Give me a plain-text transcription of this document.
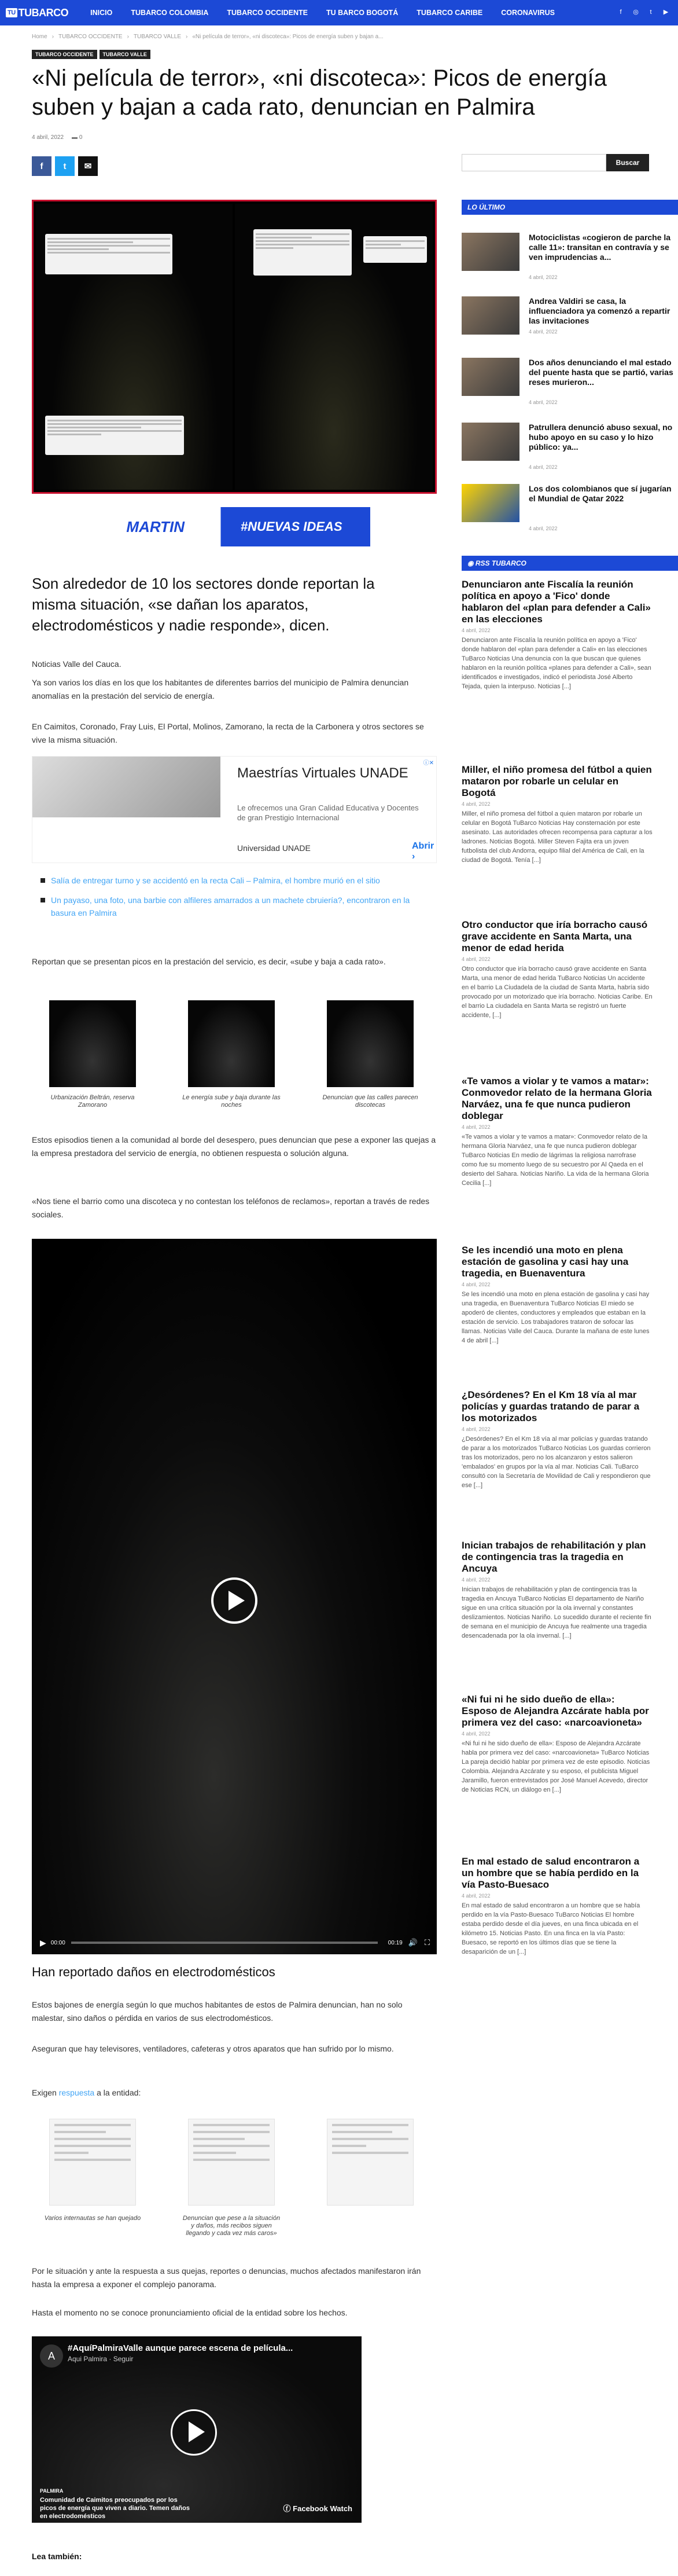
TU TUBARCO	INICIO	TUBARCO COLOMBIA	TUBARCO OCCIDENTE	TU BARCO BOGOTÁ	TUBARCO CARIBE	CORONAVIRUS	f	◎	t	▶
Home › TUBARCO OCCIDENTE › TUBARCO VALLE › «Ni película de terror», «ni discoteca»: Picos de energía suben y bajan a...
TUBARCO OCCIDENTE	TUBARCO VALLE
«Ni película de terror», «ni discoteca»: Picos de energía suben y bajan a cada rato, denuncian en Palmira
4 abril, 2022 ▬ 0
f	t	✉	Buscar
MARTIN	#NUEVAS IDEAS

Son alrededor de 10 los sectores donde reportan la misma situación, «se dañan los aparatos, electrodomésticos y nadie responde», dicen.

Noticias Valle del Cauca.

Ya son varios los días en los que los habitantes de diferentes barrios del municipio de Palmira denuncian anomalías en la prestación del servicio de energía.

En Caimitos, Coronado, Fray Luis, El Portal, Molinos, Zamorano, la recta de la Carbonera y otros sectores se vive la misma situación.

Maestrías Virtuales UNADE
Le ofrecemos una Gran Calidad Educativa y Docentes de gran Prestigio Internacional
Universidad UNADE	Abrir ›
ⓘ✕
Salía de entregar turno y se accidentó en la recta Cali – Palmira, el hombre murió en el sitio
Un payaso, una foto, una barbie con alfileres amarrados a un machete cbruiería?, encontraron en la basura en Palmira

Reportan que se presentan picos en la prestación del servicio, es decir, «sube y baja a cada rato».

Urbanización Beltrán, reserva Zamorano
Le energía sube y baja durante las noches
Denuncian que las calles parecen discotecas

Estos episodios tienen a la comunidad al borde del desespero, pues denuncian que pese a exponer las quejas a la empresa prestadora del servicio de energía, no obtienen respuesta o solución alguna.

«Nos tiene el barrio como una discoteca y no contestan los teléfonos de reclamos», reportan a través de redes sociales.

▶ 00:00	00:19 🔊 ⛶
Han reportado daños en electrodomésticos

Estos bajones de energía según lo que muchos habitantes de estos de Palmira denuncian, han no solo malestar, sino daños o pérdida en varios de sus electrodomésticos.

Aseguran que hay televisores, ventiladores, cafeteras y otros aparatos que han sufrido por lo mismo.

Exigen respuesta a la entidad:

Varios internautas se han quejado	Denuncian que pese a la situación y daños, más recibos siguen llegando y cada vez más caros»

Por le situación y ante la respuesta a sus quejas, reportes o denuncias, muchos afectados manifestaron irán hasta la empresa a exponer el complejo panorama.

Hasta el momento no se conoce pronunciamiento oficial de la entidad sobre los hechos.

A
#AquíPalmiraValle aunque parece escena de película...
Aqui Palmira · Seguir
PALMIRA
Comunidad de Caimitos preocupados por los picos de energía que viven a diario. Temen daños en electrodomésticos
ⓕ Facebook Watch
Lea también:
LO ÚLTIMO
Motociclistas «cogieron de parche la calle 11»: transitan en contravía y se ven imprudencias a...
4 abril, 2022
Andrea Valdiri se casa, la influenciadora ya comenzó a repartir las invitaciones
4 abril, 2022
Dos años denunciando el mal estado del puente hasta que se partió, varias reses murieron...
4 abril, 2022
Patrullera denunció abuso sexual, no hubo apoyo en su caso y lo hizo público: ya...
4 abril, 2022
Los dos colombianos que sí jugarían el Mundial de Qatar 2022
4 abril, 2022
◉ RSS TUBARCO
Denunciaron ante Fiscalía la reunión política en apoyo a 'Fico' donde hablaron del «plan para defender a Cali» en las elecciones
4 abril, 2022
Denunciaron ante Fiscalía la reunión política en apoyo a 'Fico' donde hablaron del «plan para defender a Cali» en las elecciones TuBarco Noticias Una denuncia con la que buscan que quienes hablaron en la reunión política «planes para defender a Cali», sean identificados e investigados, indicó el periodista José Alberto Tejada, quien la interpuso. Noticias [...]
Miller, el niño promesa del fútbol a quien mataron por robarle un celular en Bogotá
4 abril, 2022
Miller, el niño promesa del fútbol a quien mataron por robarle un celular en Bogotá TuBarco Noticias Hay consternación por este asesinato. Las autoridades ofrecen recompensa para capturar a los ladrones. Noticias Bogotá. Miller Steven Fajita era un joven futbolista del club Andorra, equipo filial del América de Cali, en la ciudad de Bogotá. Tenía [...]
Otro conductor que iría borracho causó grave accidente en Santa Marta, una menor de edad herida
4 abril, 2022
Otro conductor que iría borracho causó grave accidente en Santa Marta, una menor de edad herida TuBarco Noticias Un accidente en el barrio La Ciudadela de la ciudad de Santa Marta, habría sido provocado por un motorizado que iría borracho. Noticias Caribe. En el barrio La ciudadela en Santa Marta se registró un fuerte accidente, [...]
«Te vamos a violar y te vamos a matar»: Conmovedor relato de la hermana Gloria Narváez, una fe que nunca pudieron doblegar
4 abril, 2022
«Te vamos a violar y te vamos a matar»: Conmovedor relato de la hermana Gloria Narváez, una fe que nunca pudieron doblegar TuBarco Noticias En medio de lágrimas la religiosa narrofrase como fue su momento luego de su secuestro por Al Qaeda en el desierto del Sahara. Noticias Nariño. La vida de la hermana Gloria Cecilia [...]
Se les incendió una moto en plena estación de gasolina y casi hay una tragedia, en Buenaventura
4 abril, 2022
Se les incendió una moto en plena estación de gasolina y casi hay una tragedia, en Buenaventura TuBarco Noticias El miedo se apoderó de clientes, conductores y empleados que estaban en la estación de servicio. Los trabajadores trataron de sofocar las llamas. Noticias Valle del Cauca. Durante la mañana de este lunes 4 de abril [...]
¿Desórdenes? En el Km 18 vía al mar policías y guardas tratando de parar a los motorizados
4 abril, 2022
¿Desórdenes? En el Km 18 vía al mar policías y guardas tratando de parar a los motorizados TuBarco Noticias Los guardas corrieron tras los motorizados, pero no los alcanzaron y estos salieron 'embalados' en grupos por la vía al mar. Noticias Cali. TuBarco consultó con la Secretaría de Movilidad de Cali y respondieron que ese [...]
Inician trabajos de rehabilitación y plan de contingencia tras la tragedia en Ancuya
4 abril, 2022
Inician trabajos de rehabilitación y plan de contingencia tras la tragedia en Ancuya TuBarco Noticias El departamento de Nariño sigue en una crítica situación por la ola invernal y constantes deslizamientos. Noticias Nariño. Lo sucedido durante el reciente fin de semana en el municipio de Ancuya fue realmente una tragedia desencadenada por la ola invernal. [...]
«Ni fui ni he sido dueño de ella»: Esposo de Alejandra Azcárate habla por primera vez del caso: «narcoavioneta»
4 abril, 2022
«Ni fui ni he sido dueño de ella»: Esposo de Alejandra Azcárate habla por primera vez del caso: «narcoavioneta» TuBarco Noticias La pareja decidió hablar por primera vez de este episodio. Noticias Colombia. Alejandra Azcárate y su esposo, el publicista Miguel Jaramillo, fueron entrevistados por José Manuel Acevedo, director de Noticias RCN, un diálogo en [...]
En mal estado de salud encontraron a un hombre que se había perdido en la vía Pasto-Buesaco
4 abril, 2022
En mal estado de salud encontraron a un hombre que se había perdido en la vía Pasto-Buesaco TuBarco Noticias El hombre estaba perdido desde el día jueves, en una finca ubicada en el kilómetro 15. Noticias Pasto. En una finca en la vía Pasto: Buesaco, se reportó en los últimos días que se tiene la desaparición de un [...]
